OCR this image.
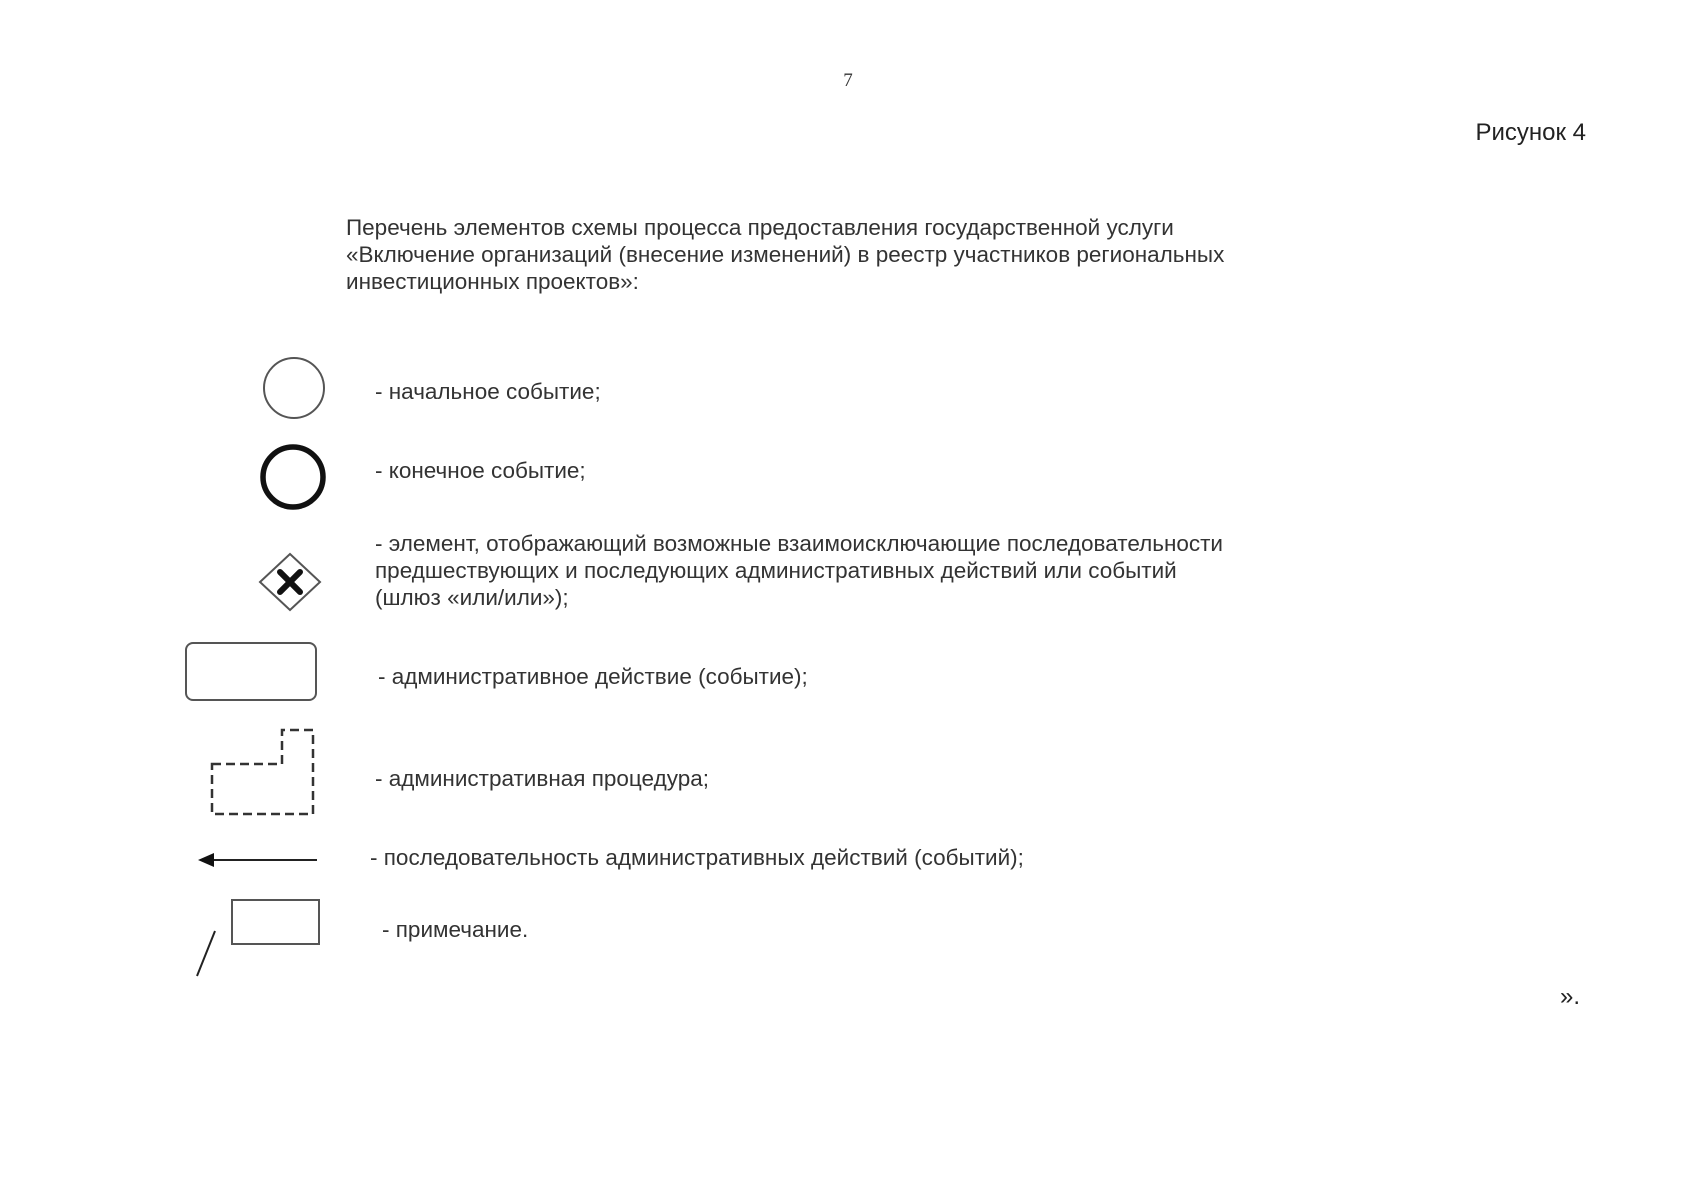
7
Рисунок 4
Перечень элементов схемы процесса предоставления государственной услуги
«Включение организаций (внесение изменений) в реестр участников региональных
инвестиционных проектов»:
- начальное событие;
- конечное событие;
- элемент, отображающий возможные взаимоисключающие последовательности
предшествующих и последующих административных действий или событий
(шлюз «или/или»);
- административное действие (событие);
- административная процедура;
- последовательность административных действий (событий);
- примечание.
».
